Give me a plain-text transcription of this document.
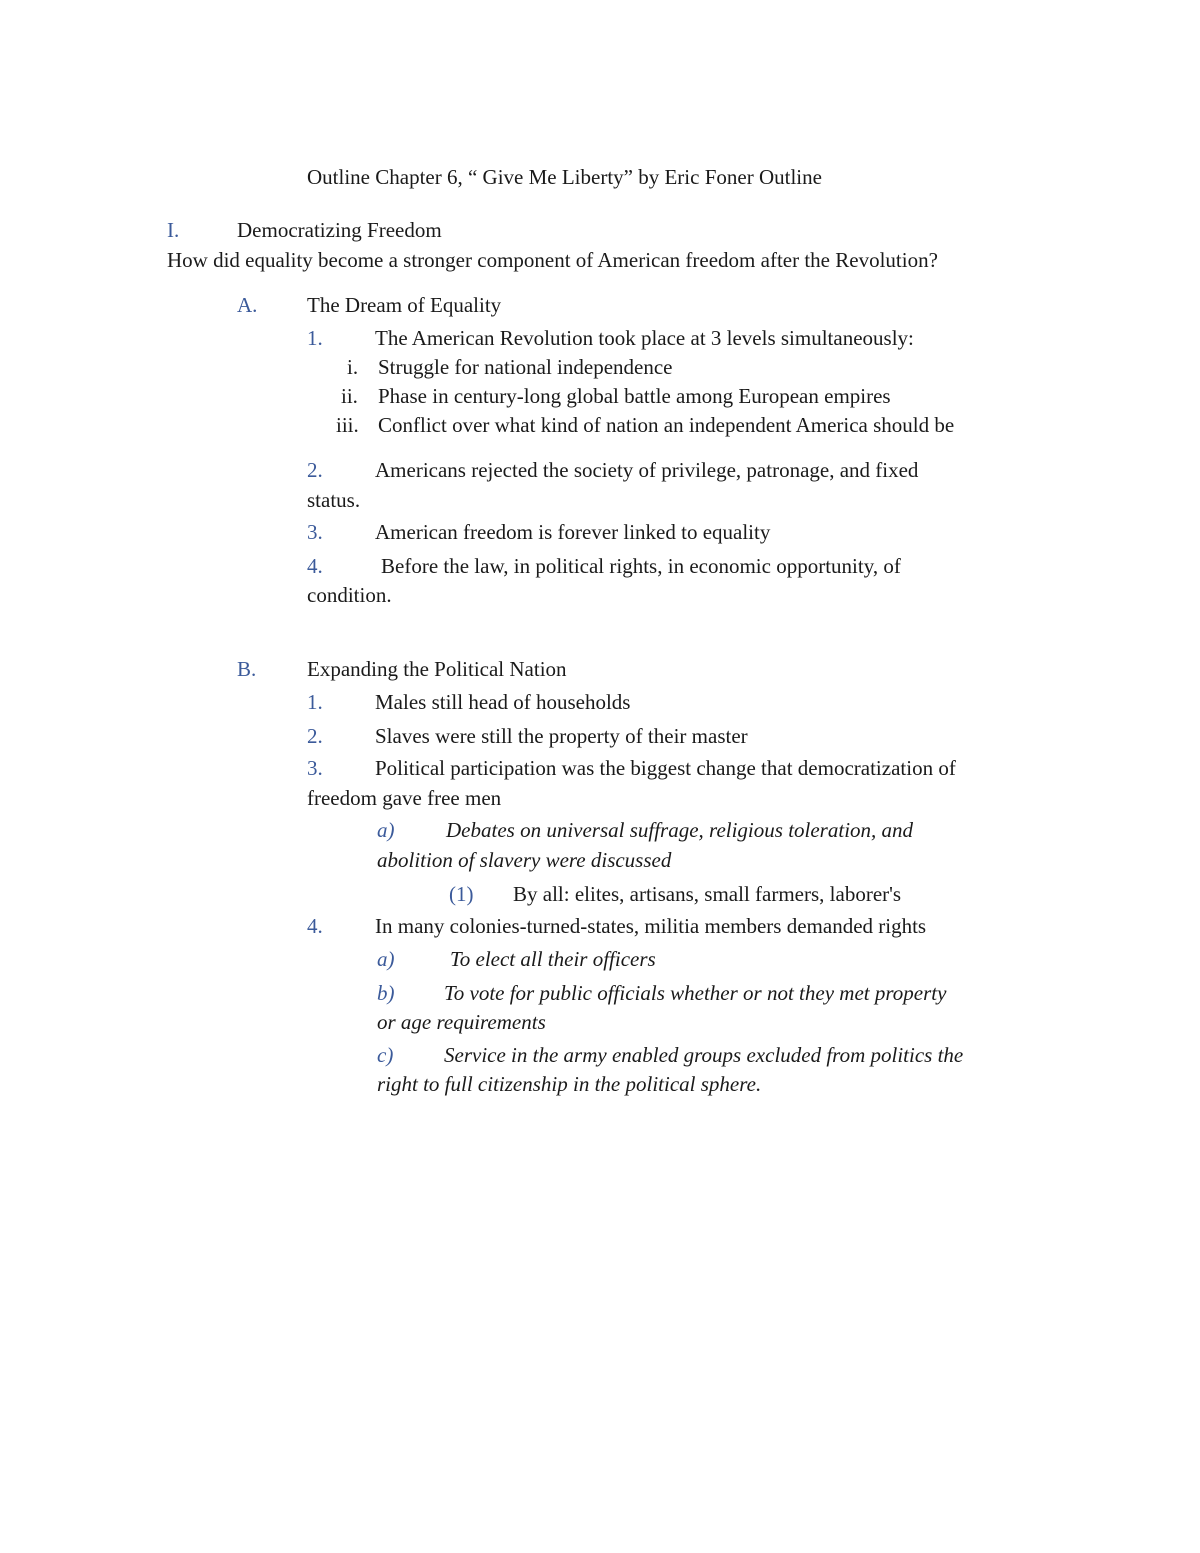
Outline Chapter 6, “ Give Me Liberty” by Eric Foner Outline
I.	Democratizing Freedom
How did equality become a stronger component of American freedom after the Revolution?
A. The Dream of Equality
1. The American Revolution took place at 3 levels simultaneously:
i. Struggle for national independence
ii. Phase in century-long global battle among European empires
iii. Conflict over what kind of nation an independent America should be
2. Americans rejected the society of privilege, patronage, and fixed
status.
3. American freedom is forever linked to equality
4.	Before the law, in political rights, in economic opportunity, of
condition.
B. Expanding the Political Nation
1. Males still head of households
2. Slaves were still the property of their master
3. Political participation was the biggest change that democratization of
freedom gave free men
a) Debates on universal suffrage, religious toleration, and
abolition of slavery were discussed
(1) By all: elites, artisans, small farmers, laborer's
4. In many colonies-turned-states, militia members demanded rights
a)	To elect all their officers
b) To vote for public officials whether or not they met property
or age requirements
c) Service in the army enabled groups excluded from politics the
right to full citizenship in the political sphere.
